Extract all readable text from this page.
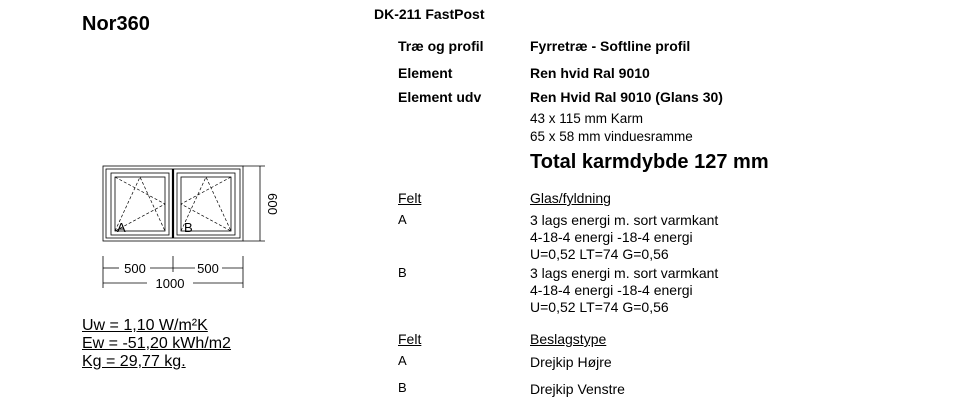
Nor360	DK-211 FastPost
Træ og profil	Fyrretræ - Softline profil
Element	Ren hvid Ral 9010
Element udv	Ren Hvid Ral 9010 (Glans 30)
43 x 115 mm Karm
65 x 58 mm vinduesramme
Total karmdybde 127 mm
Felt	Glas/fyldning
A	3 lags energi m. sort varmkant
4-18-4 energi -18-4 energi
U=0,52 LT=74 G=0,56
B	3 lags energi m. sort varmkant
4-18-4 energi -18-4 energi
U=0,52 LT=74 G=0,56
Felt	Beslagstype
A	Drejkip Højre
B	Drejkip Venstre
A	B
600
500	500
1000
Uw = 1,10 W/m²K
Ew = -51,20 kWh/m2
Kg = 29,77 kg.
